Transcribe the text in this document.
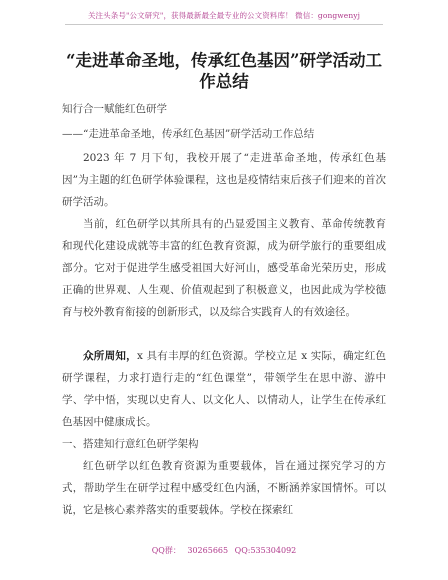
关注头条号"公文研究"，获得最新最全最专业的公文资料库！ 微信：gongwenyj
“走进革命圣地，传承红色基因”研学活动工作总结

知行合一赋能红色研学

——“走进革命圣地，传承红色基因”研学活动工作总结

2023 年 7 月下旬，我校开展了“走进革命圣地，传承红色基因”为主题的红色研学体验课程，这也是疫情结束后孩子们迎来的首次研学活动。

当前，红色研学以其所具有的凸显爱国主义教育、革命传统教育和现代化建设成就等丰富的红色教育资源，成为研学旅行的重要组成部分。它对于促进学生感受祖国大好河山，感受革命光荣历史，形成正确的世界观、人生观、价值观起到了积极意义，也因此成为学校德育与校外教育衔接的创新形式，以及综合实践育人的有效途径。

众所周知，x 具有丰厚的红色资源。学校立足 x 实际，确定红色研学课程，力求打造行走的“红色课堂”，带领学生在思中游、游中学、学中悟，实现以史育人、以文化人、以情动人，让学生在传承红色基因中健康成长。

一、搭建知行意红色研学架构

红色研学以红色教育资源为重要载体，旨在通过探究学习的方式，帮助学生在研学过程中感受红色内涵，不断涵养家国情怀。可以说，它是核心素养落实的重要载体。学校在探索红

QQ群： 30265665 QQ:535304092
